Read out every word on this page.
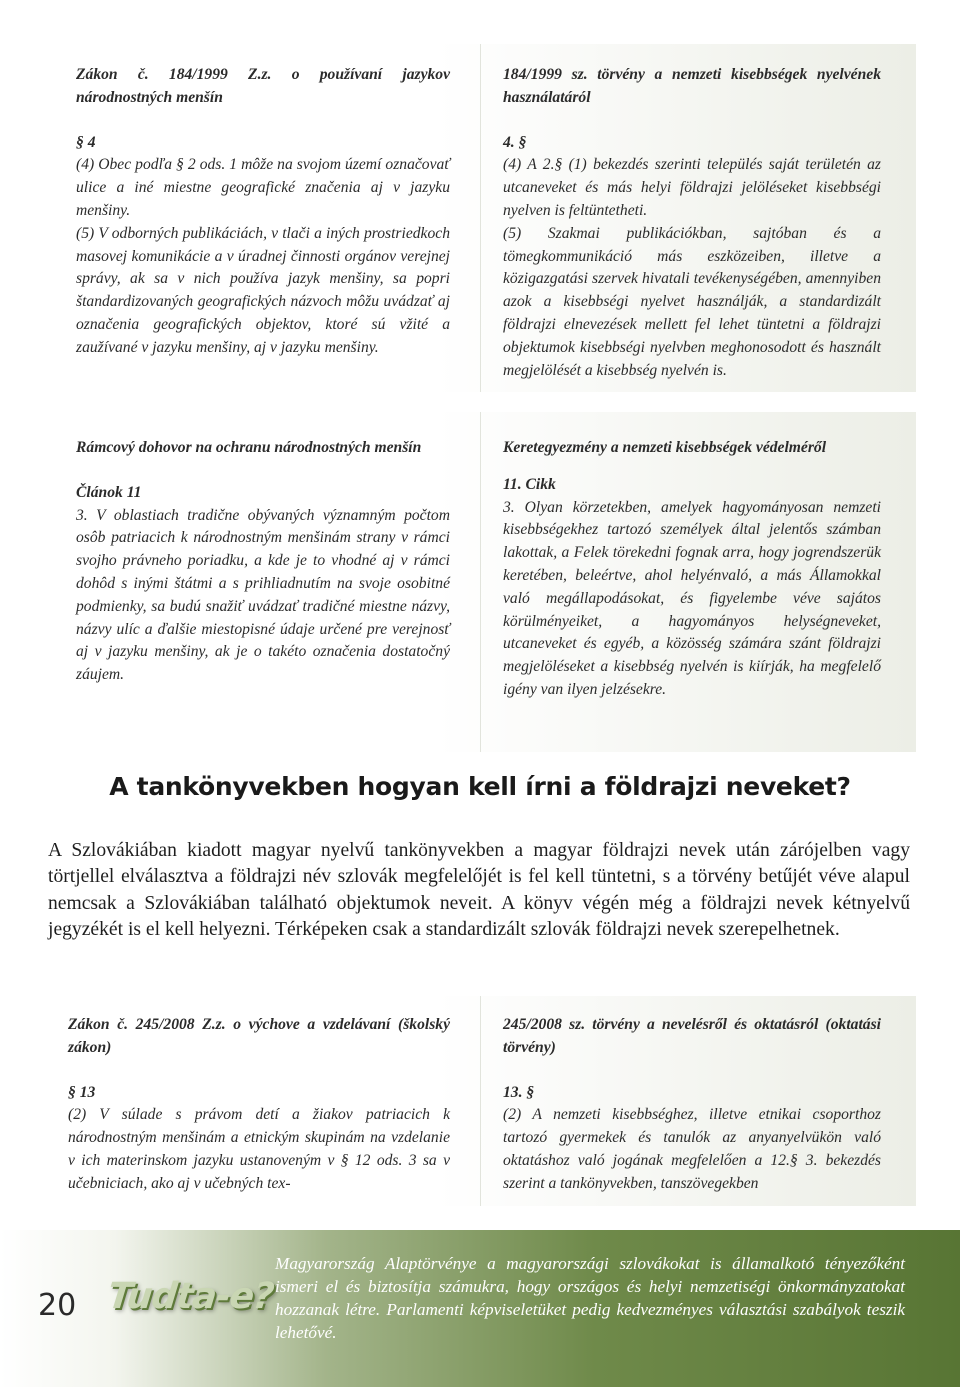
Zákon č. 184/1999 Z.z. o používaní jazykov národnostných menšín

§ 4

(4) Obec podľa § 2 ods. 1 môže na svojom území označovať ulice a iné miestne geografické značenia aj v jazyku menšiny.

(5) V odborných publikáciách, v tlači a iných prostriedkoch masovej komunikácie a v úradnej činnosti orgánov verejnej správy, ak sa v nich používa jazyk menšiny, sa popri štandardizovaných geografických názvoch môžu uvádzať aj označenia geografických objektov, ktoré sú vžité a zaužívané v jazyku menšiny, aj v jazyku menšiny.

184/1999 sz. törvény a nemzeti kisebbségek nyelvének használatáról

4. §

(4) A 2.§ (1) bekezdés szerinti település saját területén az utcaneveket és más helyi földrajzi jelöléseket kisebbségi nyelven is feltüntetheti.

(5) Szakmai publikációkban, sajtóban és a tömegkommunikáció más eszközeiben, illetve a közigazgatási szervek hivatali tevékenységében, amennyiben azok a kisebbségi nyelvet használják, a standardizált földrajzi elnevezések mellett fel lehet tüntetni a földrajzi objektumok kisebbségi nyelvben meghonosodott és használt megjelölését a kisebbség nyelvén is.

Rámcový dohovor na ochranu národnostných menšín

Článok 11

3. V oblastiach tradične obývaných významným počtom osôb patriacich k národnostným menšinám strany v rámci svojho právneho poriadku, a kde je to vhodné aj v rámci dohôd s inými štátmi a s prihliadnutím na svoje osobitné podmienky, sa budú snažiť uvádzať tradičné miestne názvy, názvy ulíc a ďalšie miestopisné údaje určené pre verejnosť aj v jazyku menšiny, ak je o takéto označenia dostatočný záujem.

Keretegyezmény a nemzeti kisebbségek védelméről

11. Cikk

3. Olyan körzetekben, amelyek hagyományosan nemzeti kisebbségekhez tartozó személyek által jelentős számban lakottak, a Felek törekedni fognak arra, hogy jogrendszerük keretében, beleértve, ahol helyénvaló, a más Államokkal való megállapodásokat, és figyelembe véve sajátos körülményeiket, a hagyományos helységneveket, utcaneveket és egyéb, a közösség számára szánt földrajzi megjelöléseket a kisebbség nyelvén is kiírják, ha megfelelő igény van ilyen jelzésekre.

A tankönyvekben hogyan kell írni a földrajzi neveket?
A Szlovákiában kiadott magyar nyelvű tankönyvekben a magyar földrajzi nevek után zárójelben vagy törtjellel elválasztva a földrajzi név szlovák megfelelőjét is fel kell tüntetni, s a törvény betűjét véve alapul nemcsak a Szlovákiában található objektumok neveit. A könyv végén még a földrajzi nevek kétnyelvű jegyzékét is el kell helyezni. Térképeken csak a standardizált szlovák földrajzi nevek szerepelhetnek.

Zákon č. 245/2008 Z.z. o výchove a vzdelávaní (školský zákon)

§ 13

(2) V súlade s právom detí a žiakov patriacich k národnostným menšinám a etnickým skupinám na vzdelanie v ich materinskom jazyku ustanoveným v § 12 ods. 3 sa v učebniciach, ako aj v učebných tex-

245/2008 sz. törvény a nevelésről és oktatásról (oktatási törvény)

13. §

(2) A nemzeti kisebbséghez, illetve etnikai csoporthoz tartozó gyermekek és tanulók az anyanyelvükön való oktatáshoz való jogának megfelelően a 12.§ 3. bekezdés szerint a tankönyvekben, tanszövegekben

20 Tudta-e?
Magyarország Alaptörvénye a magyarországi szlovákokat is államalkotó tényezőként ismeri el és biztosítja számukra, hogy országos és helyi nemzetiségi önkormányzatokat hozzanak létre. Parlamenti képviseletüket pedig kedvezményes választási szabályok teszik lehetővé.
